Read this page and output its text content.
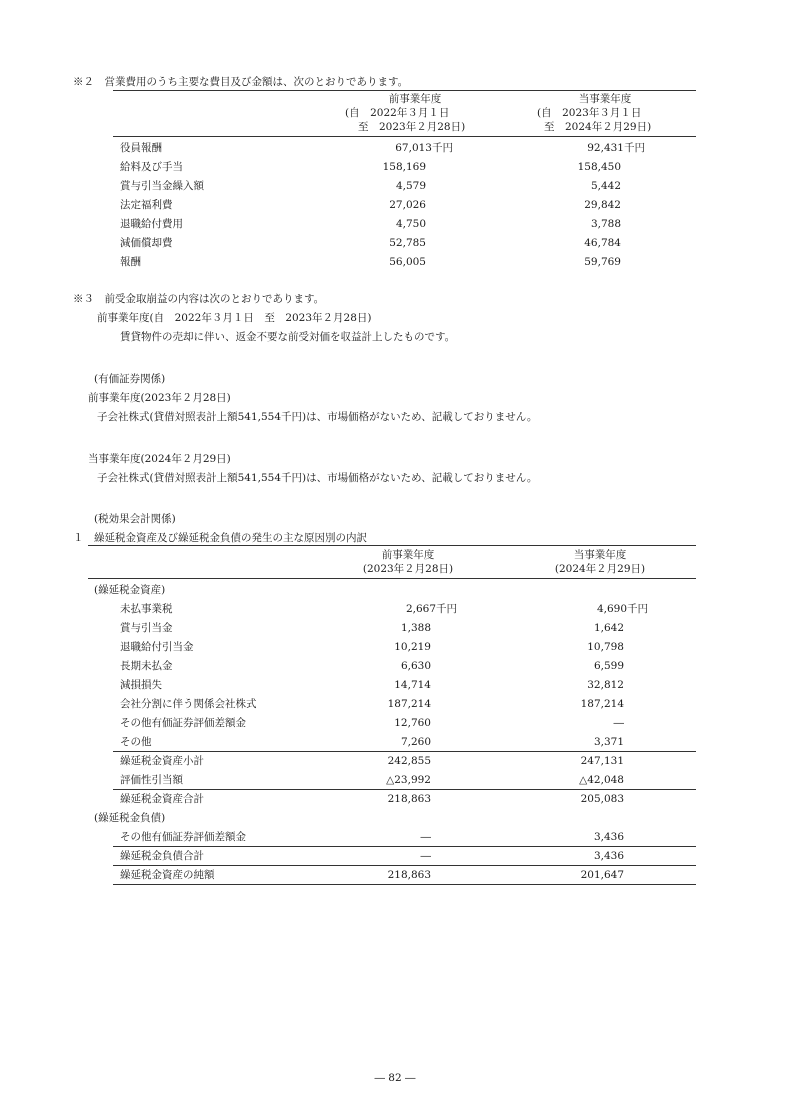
※２　営業費用のうち主要な費目及び金額は、次のとおりであります。
前事業年度
(自　2022年３月１日
至　2023年２月28日)
当事業年度
(自　2023年３月１日
至　2024年２月29日)
役員報酬	67,013千円	92,431千円
給料及び手当	158,169	158,450
賞与引当金繰入額	4,579	5,442
法定福利費	27,026	29,842
退職給付費用	4,750	3,788
減価償却費	52,785	46,784
報酬	56,005	59,769
※３　前受金取崩益の内容は次のとおりであります。
前事業年度(自　2022年３月１日　至　2023年２月28日)
賃貸物件の売却に伴い、返金不要な前受対価を収益計上したものです。
(有価証券関係)
前事業年度(2023年２月28日)
子会社株式(貸借対照表計上額541,554千円)は、市場価格がないため、記載しておりません。
当事業年度(2024年２月29日)
子会社株式(貸借対照表計上額541,554千円)は、市場価格がないため、記載しておりません。
(税効果会計関係)
１　繰延税金資産及び繰延税金負債の発生の主な原因別の内訳
前事業年度
(2023年２月28日)
当事業年度
(2024年２月29日)
(繰延税金資産)
未払事業税	2,667千円	4,690千円
賞与引当金	1,388	1,642
退職給付引当金	10,219	10,798
長期未払金	6,630	6,599
減損損失	14,714	32,812
会社分割に伴う関係会社株式	187,214	187,214
その他有価証券評価差額金	12,760	―
その他	7,260	3,371
繰延税金資産小計	242,855	247,131
評価性引当額	△23,992	△42,048
繰延税金資産合計	218,863	205,083
(繰延税金負債)
その他有価証券評価差額金	―	3,436
繰延税金負債合計	―	3,436
繰延税金資産の純額	218,863	201,647
― 82 ―
